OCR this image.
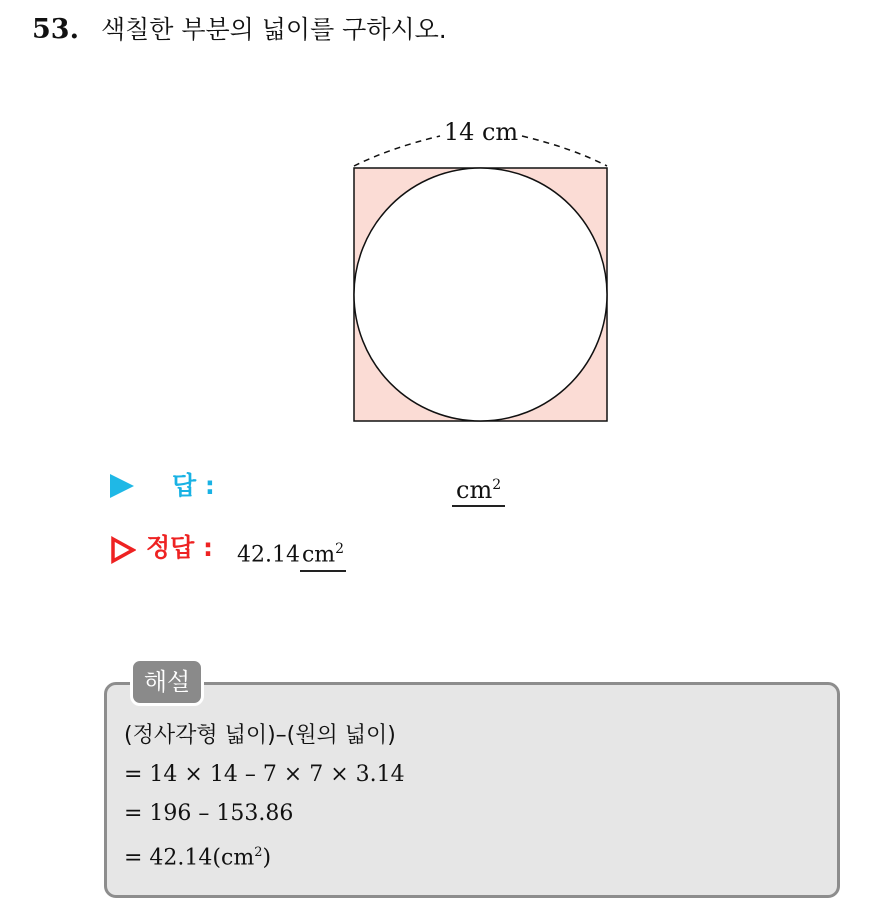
53. 색칠한 부분의 넓이를 구하시오.
14 cm
답 :	$cm^2$
정답 : $42.14cm^2$
해설
(정사각형 넓이)–(원의 넓이)
= 14 × 14 – 7 × 7 × 3.14
= 196 – 153.86
= $42.14(cm^2)$
